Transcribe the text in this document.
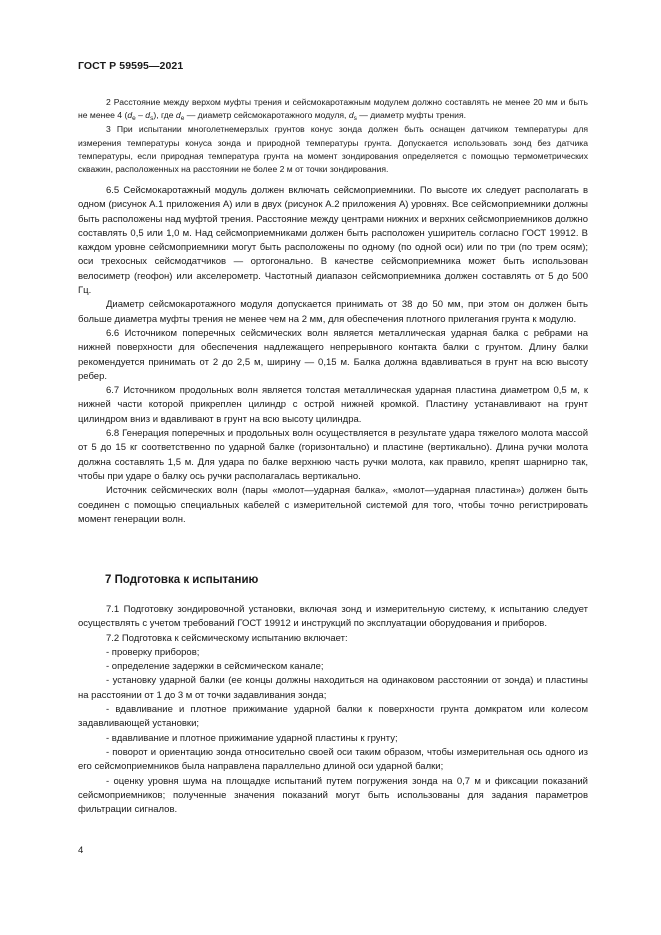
ГОСТ Р 59595—2021

2 Расстояние между верхом муфты трения и сейсмокаротажным модулем должно составлять не менее 20 мм и быть не менее 4 $(d_e - d_s)$, где $d_e$ — диаметр сейсмокаротажного модуля, $d_s$ — диаметр муфты трения.

3 При испытании многолетнемерзлых грунтов конус зонда должен быть оснащен датчиком температуры для измерения температуры конуса зонда и природной температуры грунта. Допускается использовать зонд без датчика температуры, если природная температура грунта на момент зондирования определяется с помощью термометрических скважин, расположенных на расстоянии не более 2 м от точки зондирования.

6.5 Сейсмокаротажный модуль должен включать сейсмоприемники. По высоте их следует располагать в одном (рисунок А.1 приложения А) или в двух (рисунок А.2 приложения А) уровнях. Все сейсмоприемники должны быть расположены над муфтой трения. Расстояние между центрами нижних и верхних сейсмоприемников должно составлять 0,5 или 1,0 м. Над сейсмоприемниками должен быть расположен уширитель согласно ГОСТ 19912. В каждом уровне сейсмоприемники могут быть расположены по одному (по одной оси) или по три (по трем осям); оси трехосных сейсмодатчиков — ортогонально. В качестве сейсмоприемника может быть использован велосиметр (геофон) или акселерометр. Частотный диапазон сейсмоприемника должен составлять от 5 до 500 Гц.

Диаметр сейсмокаротажного модуля допускается принимать от 38 до 50 мм, при этом он должен быть больше диаметра муфты трения не менее чем на 2 мм, для обеспечения плотного прилегания грунта к модулю.

6.6 Источником поперечных сейсмических волн является металлическая ударная балка с ребрами на нижней поверхности для обеспечения надлежащего непрерывного контакта балки с грунтом. Длину балки рекомендуется принимать от 2 до 2,5 м, ширину — 0,15 м. Балка должна вдавливаться в грунт на всю высоту ребер.

6.7 Источником продольных волн является толстая металлическая ударная пластина диаметром 0,5 м, к нижней части которой прикреплен цилиндр с острой нижней кромкой. Пластину устанавливают на грунт цилиндром вниз и вдавливают в грунт на всю высоту цилиндра.

6.8 Генерация поперечных и продольных волн осуществляется в результате удара тяжелого молота массой от 5 до 15 кг соответственно по ударной балке (горизонтально) и пластине (вертикально). Длина ручки молота должна составлять 1,5 м. Для удара по балке верхнюю часть ручки молота, как правило, крепят шарнирно так, чтобы при ударе о балку ось ручки располагалась вертикально.

Источник сейсмических волн (пары «молот—ударная балка», «молот—ударная пластина») должен быть соединен с помощью специальных кабелей с измерительной системой для того, чтобы точно регистрировать момент генерации волн.

7 Подготовка к испытанию

7.1 Подготовку зондировочной установки, включая зонд и измерительную систему, к испытанию следует осуществлять с учетом требований ГОСТ 19912 и инструкций по эксплуатации оборудования и приборов.

7.2 Подготовка к сейсмическому испытанию включает:

- проверку приборов;

- определение задержки в сейсмическом канале;

- установку ударной балки (ее концы должны находиться на одинаковом расстоянии от зонда) и пластины на расстоянии от 1 до 3 м от точки задавливания зонда;

- вдавливание и плотное прижимание ударной балки к поверхности грунта домкратом или колесом задавливающей установки;

- вдавливание и плотное прижимание ударной пластины к грунту;

- поворот и ориентацию зонда относительно своей оси таким образом, чтобы измерительная ось одного из его сейсмоприемников была направлена параллельно длиной оси ударной балки;

- оценку уровня шума на площадке испытаний путем погружения зонда на 0,7 м и фиксации показаний сейсмоприемников; полученные значения показаний могут быть использованы для задания параметров фильтрации сигналов.

4
